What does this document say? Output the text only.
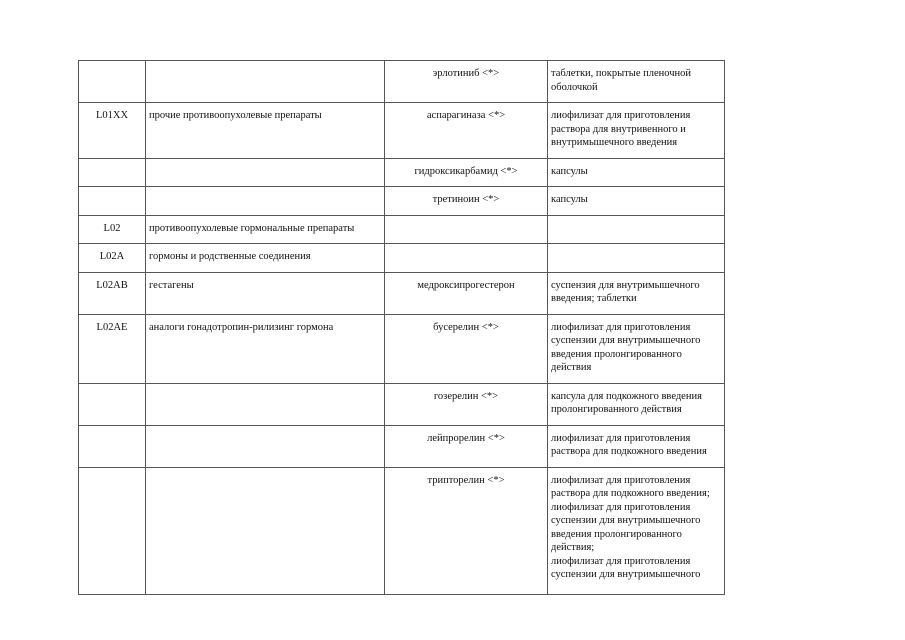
		эрлотиниб <*>	таблетки, покрытые пленочной оболочкой
L01XX	прочие противоопухолевые препараты	аспарагиназа <*>	лиофилизат для приготовления раствора для внутривенного и внутримышечного введения
		гидроксикарбамид <*>	капсулы
		третиноин <*>	капсулы
L02	противоопухолевые гормональные препараты		
L02A	гормоны и родственные соединения		
L02AB	гестагены	медроксипрогестерон	суспензия для внутримышечного введения; таблетки
L02AE	аналоги гонадотропин-рилизинг гормона	бусерелин <*>	лиофилизат для приготовления суспензии для внутримышечного введения пролонгированного действия
		гозерелин <*>	капсула для подкожного введения пролонгированного действия
		лейпрорелин <*>	лиофилизат для приготовления раствора для подкожного введения
		трипторелин <*>	лиофилизат для приготовления раствора для подкожного введения;
лиофилизат для приготовления суспензии для внутримышечного введения пролонгированного действия;
лиофилизат для приготовления суспензии для внутримышечного
